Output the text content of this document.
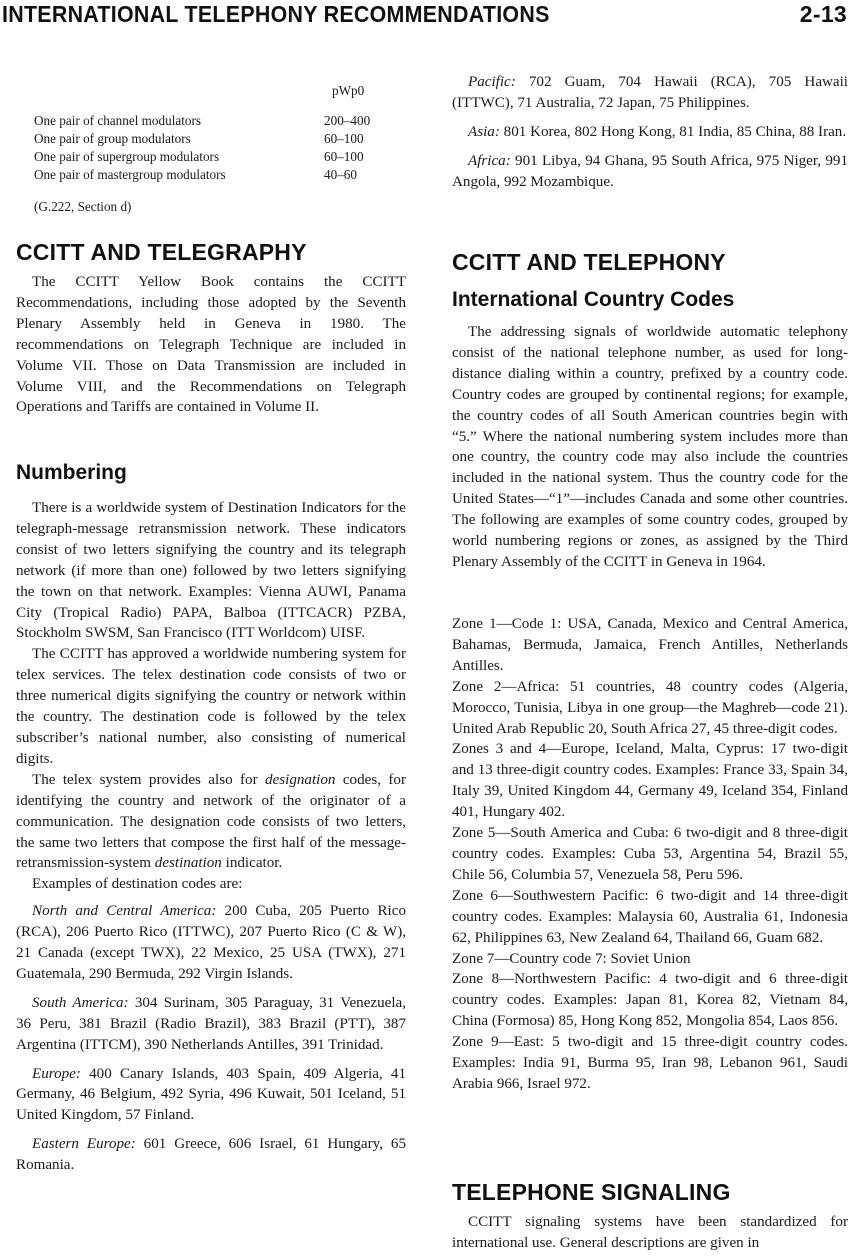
INTERNATIONAL TELEPHONY RECOMMENDATIONS	2-13
pWp0
One pair of channel modulators	200–400
One pair of group modulators	60–100
One pair of supergroup modulators	60–100
One pair of mastergroup modulators	40–60
(G.222, Section d)
CCITT AND TELEGRAPHY

The CCITT Yellow Book contains the CCITT Recommendations, including those adopted by the Seventh Plenary Assembly held in Geneva in 1980. The recommendations on Telegraph Technique are included in Volume VII. Those on Data Transmission are included in Volume VIII, and the Recommendations on Telegraph Operations and Tariffs are contained in Volume II.

Numbering

There is a worldwide system of Destination Indicators for the telegraph-message retransmission network. These indicators consist of two letters signifying the country and its telegraph network (if more than one) followed by two letters signifying the town on that network. Examples: Vienna AUWI, Panama City (Tropical Radio) PAPA, Balboa (ITTCACR) PZBA, Stockholm SWSM, San Francisco (ITT Worldcom) UISF.

The CCITT has approved a worldwide numbering system for telex services. The telex destination code consists of two or three numerical digits signifying the country or network within the country. The destination code is followed by the telex subscriber’s national number, also consisting of numerical digits.

The telex system provides also for designation codes, for identifying the country and network of the originator of a communication. The designation code consists of two letters, the same two letters that compose the first half of the message-retransmission-system destination indicator.

Examples of destination codes are:

North and Central America: 200 Cuba, 205 Puerto Rico (RCA), 206 Puerto Rico (ITTWC), 207 Puerto Rico (C & W), 21 Canada (except TWX), 22 Mexico, 25 USA (TWX), 271 Guatemala, 290 Bermuda, 292 Virgin Islands.

South America: 304 Surinam, 305 Paraguay, 31 Venezuela, 36 Peru, 381 Brazil (Radio Brazil), 383 Brazil (PTT), 387 Argentina (ITTCM), 390 Netherlands Antilles, 391 Trinidad.

Europe: 400 Canary Islands, 403 Spain, 409 Algeria, 41 Germany, 46 Belgium, 492 Syria, 496 Kuwait, 501 Iceland, 51 United Kingdom, 57 Finland.

Eastern Europe: 601 Greece, 606 Israel, 61 Hungary, 65 Romania.

Pacific: 702 Guam, 704 Hawaii (RCA), 705 Hawaii (ITTWC), 71 Australia, 72 Japan, 75 Philippines.

Asia: 801 Korea, 802 Hong Kong, 81 India, 85 China, 88 Iran.

Africa: 901 Libya, 94 Ghana, 95 South Africa, 975 Niger, 991 Angola, 992 Mozambique.

CCITT AND TELEPHONY
International Country Codes

The addressing signals of worldwide automatic telephony consist of the national telephone number, as used for long-distance dialing within a country, prefixed by a country code. Country codes are grouped by continental regions; for example, the country codes of all South American countries begin with “5.” Where the national numbering system includes more than one country, the country code may also include the countries included in the national system. Thus the country code for the United States—“1”—includes Canada and some other countries. The following are examples of some country codes, grouped by world numbering regions or zones, as assigned by the Third Plenary Assembly of the CCITT in Geneva in 1964.

Zone 1—Code 1: USA, Canada, Mexico and Central America, Bahamas, Bermuda, Jamaica, French Antilles, Netherlands Antilles.

Zone 2—Africa: 51 countries, 48 country codes (Algeria, Morocco, Tunisia, Libya in one group—the Maghreb—code 21). United Arab Republic 20, South Africa 27, 45 three-digit codes.

Zones 3 and 4—Europe, Iceland, Malta, Cyprus: 17 two-digit and 13 three-digit country codes. Examples: France 33, Spain 34, Italy 39, United Kingdom 44, Germany 49, Iceland 354, Finland 401, Hungary 402.

Zone 5—South America and Cuba: 6 two-digit and 8 three-digit country codes. Examples: Cuba 53, Argentina 54, Brazil 55, Chile 56, Columbia 57, Venezuela 58, Peru 596.

Zone 6—Southwestern Pacific: 6 two-digit and 14 three-digit country codes. Examples: Malaysia 60, Australia 61, Indonesia 62, Philippines 63, New Zealand 64, Thailand 66, Guam 682.

Zone 7—Country code 7: Soviet Union

Zone 8—Northwestern Pacific: 4 two-digit and 6 three-digit country codes. Examples: Japan 81, Korea 82, Vietnam 84, China (Formosa) 85, Hong Kong 852, Mongolia 854, Laos 856.

Zone 9—East: 5 two-digit and 15 three-digit country codes. Examples: India 91, Burma 95, Iran 98, Lebanon 961, Saudi Arabia 966, Israel 972.

TELEPHONE SIGNALING

CCITT signaling systems have been standardized for international use. General descriptions are given in
